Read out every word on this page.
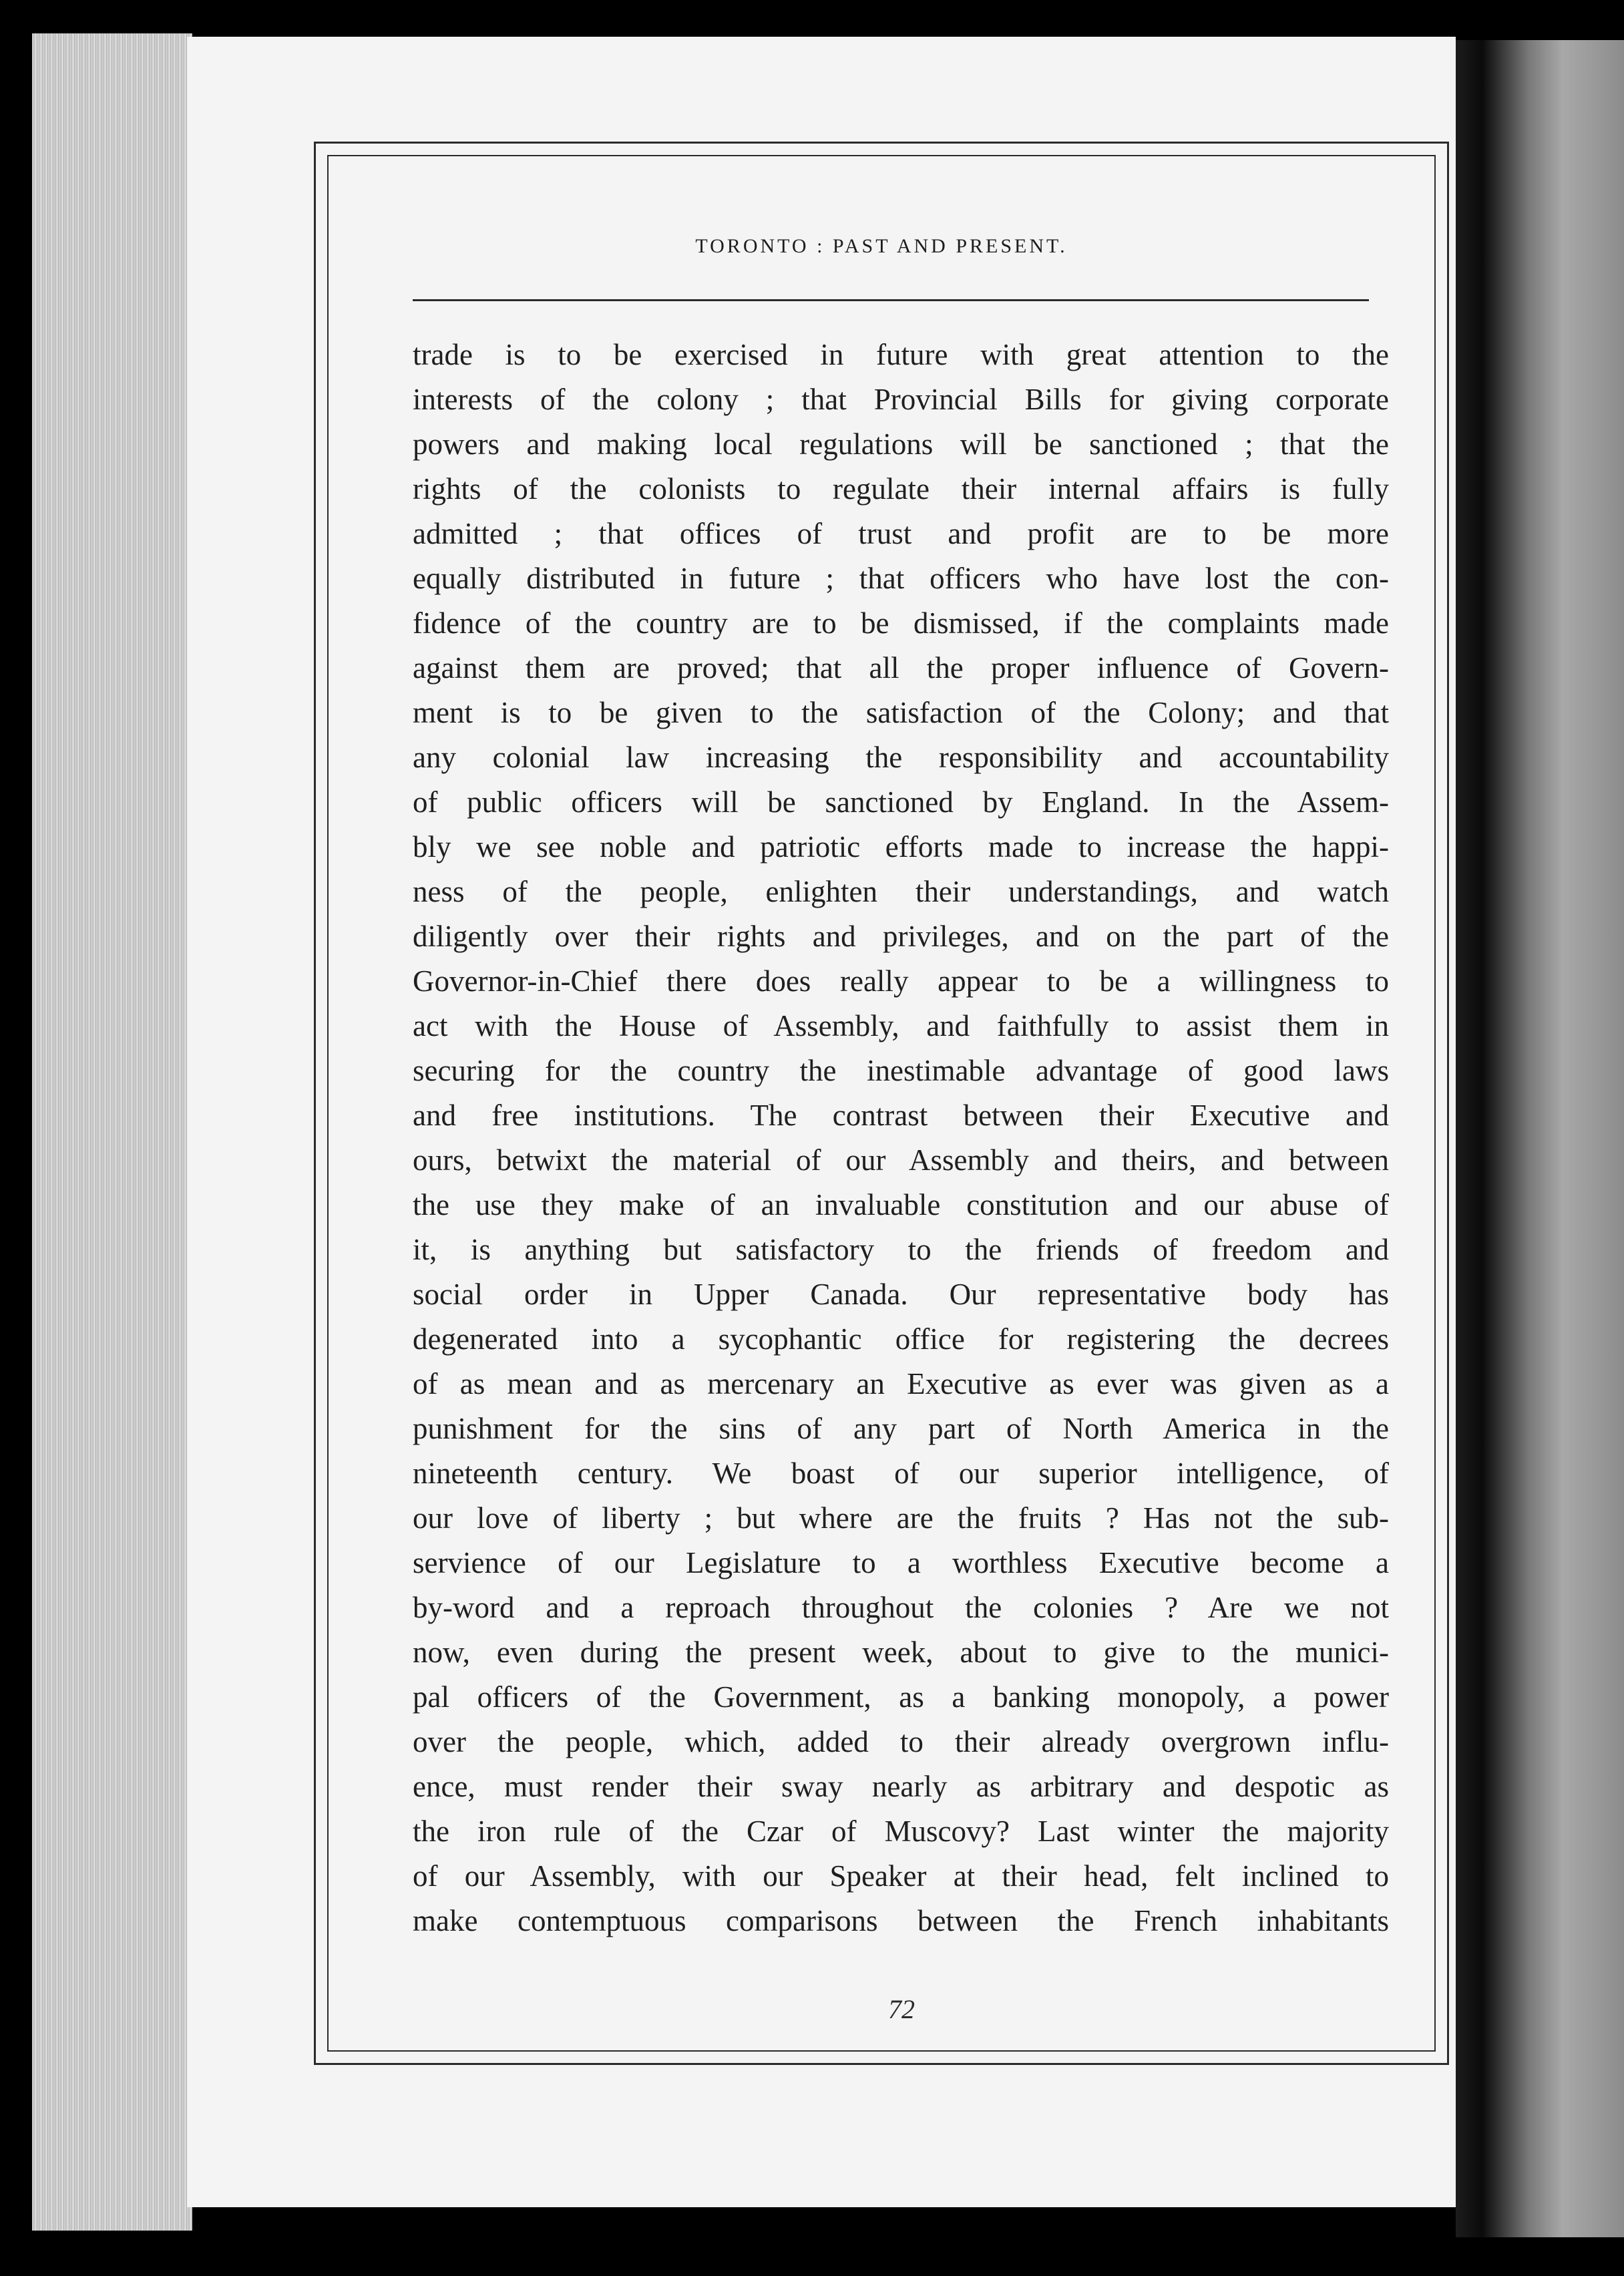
TORONTO : PAST AND PRESENT.
trade is to be exercised in future with great attention to the
interests of the colony ; that Provincial Bills for giving corporate
powers and making local regulations will be sanctioned ; that the
rights of the colonists to regulate their internal affairs is fully
admitted ; that offices of trust and profit are to be more
equally distributed in future ; that officers who have lost the con-
fidence of the country are to be dismissed, if the complaints made
against them are proved; that all the proper influence of Govern-
ment is to be given to the satisfaction of the Colony; and that
any colonial law increasing the responsibility and accountability
of public officers will be sanctioned by England. In the Assem-
bly we see noble and patriotic efforts made to increase the happi-
ness of the people, enlighten their understandings, and watch
diligently over their rights and privileges, and on the part of the
Governor-in-Chief there does really appear to be a willingness to
act with the House of Assembly, and faithfully to assist them in
securing for the country the inestimable advantage of good laws
and free institutions. The contrast between their Executive and
ours, betwixt the material of our Assembly and theirs, and between
the use they make of an invaluable constitution and our abuse of
it, is anything but satisfactory to the friends of freedom and
social order in Upper Canada. Our representative body has
degenerated into a sycophantic office for registering the decrees
of as mean and as mercenary an Executive as ever was given as a
punishment for the sins of any part of North America in the
nineteenth century. We boast of our superior intelligence, of
our love of liberty ; but where are the fruits ? Has not the sub-
servience of our Legislature to a worthless Executive become a
by-word and a reproach throughout the colonies ? Are we not
now, even during the present week, about to give to the munici-
pal officers of the Government, as a banking monopoly, a power
over the people, which, added to their already overgrown influ-
ence, must render their sway nearly as arbitrary and despotic as
the iron rule of the Czar of Muscovy? Last winter the majority
of our Assembly, with our Speaker at their head, felt inclined to
make contemptuous comparisons between the French inhabitants
72
